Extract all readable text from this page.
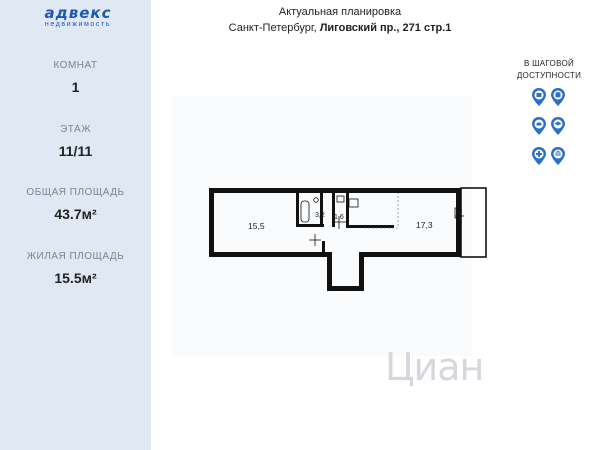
адвекс
недвижимость
КОМНАТ
1
ЭТАЖ
11/11
ОБЩАЯ ПЛОЩАДЬ
43.7м²
ЖИЛАЯ ПЛОЩАДЬ
15.5м²
Актуальная планировка
Санкт-Петербург, Лиговский пр., 271 стр.1
В ШАГОВОЙ
ДОСТУПНОСТИ
15,5
3,2 1,6
17,3
Циан
